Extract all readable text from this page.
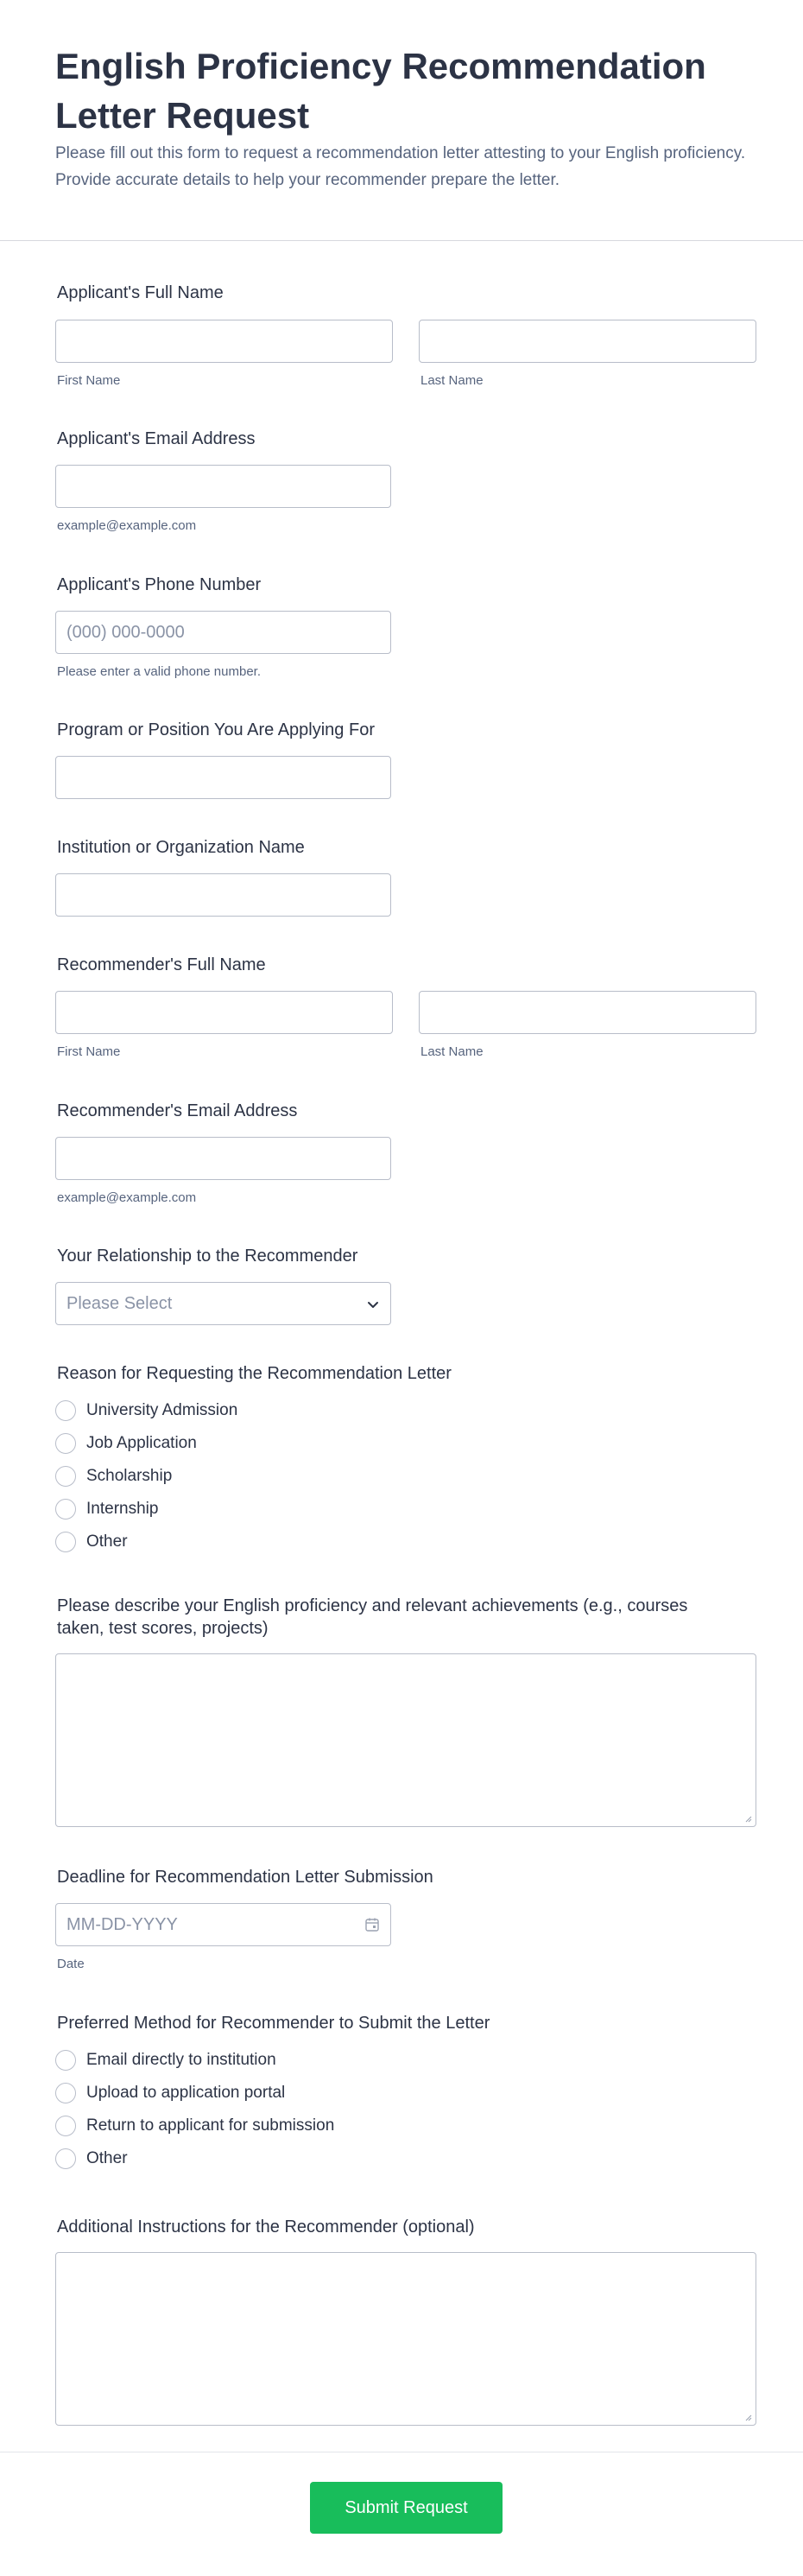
English Proficiency Recommendation Letter Request

Please fill out this form to request a recommendation letter attesting to your English proficiency. Provide accurate details to help your recommender prepare the letter.

Applicant's Full Name
First Name	Last Name
Applicant's Email Address
example@example.com
Applicant's Phone Number
(000) 000-0000
Please enter a valid phone number.
Program or Position You Are Applying For
Institution or Organization Name
Recommender's Full Name
First Name	Last Name
Recommender's Email Address
example@example.com
Your Relationship to the Recommender
Please Select
Reason for Requesting the Recommendation Letter
University Admission
Job Application
Scholarship
Internship
Other
Please describe your English proficiency and relevant achievements (e.g., courses taken, test scores, projects)
Deadline for Recommendation Letter Submission
MM-DD-YYYY
Date
Preferred Method for Recommender to Submit the Letter
Email directly to institution
Upload to application portal
Return to applicant for submission
Other
Additional Instructions for the Recommender (optional)
Submit Request
